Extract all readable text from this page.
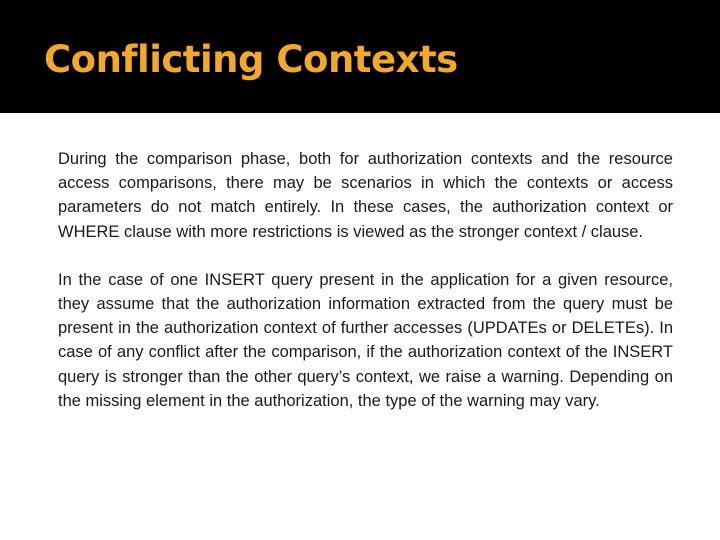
Conflicting Contexts

During the comparison phase, both for authorization contexts and the resource access comparisons, there may be scenarios in which the contexts or access parameters do not match entirely. In these cases, the authorization context or WHERE clause with more restrictions is viewed as the stronger context / clause.

In the case of one INSERT query present in the application for a given resource, they assume that the authorization information extracted from the query must be present in the authorization context of further accesses (UPDATEs or DELETEs). In case of any conflict after the comparison, if the authorization context of the INSERT query is stronger than the other query’s context, we raise a warning. Depending on the missing element in the authorization, the type of the warning may vary.
